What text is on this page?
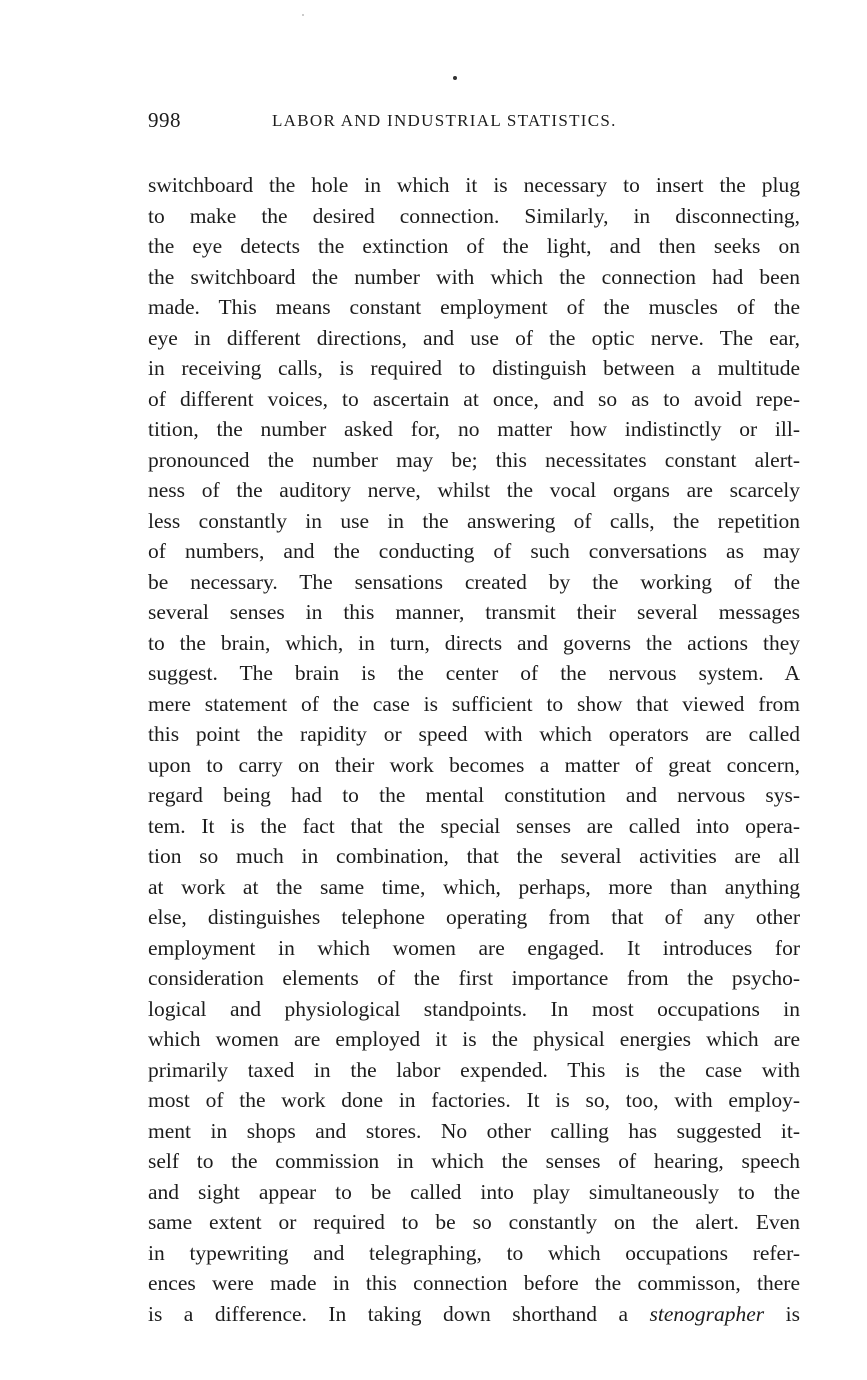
998	LABOR AND INDUSTRIAL STATISTICS.
switchboard the hole in which it is necessary to insert the plug
to make the desired connection. Similarly, in disconnecting,
the eye detects the extinction of the light, and then seeks on
the switchboard the number with which the connection had been
made. This means constant employment of the muscles of the
eye in different directions, and use of the optic nerve. The ear,
in receiving calls, is required to distinguish between a multitude
of different voices, to ascertain at once, and so as to avoid repe-
tition, the number asked for, no matter how indistinctly or ill-
pronounced the number may be; this necessitates constant alert-
ness of the auditory nerve, whilst the vocal organs are scarcely
less constantly in use in the answering of calls, the repetition
of numbers, and the conducting of such conversations as may
be necessary. The sensations created by the working of the
several senses in this manner, transmit their several messages
to the brain, which, in turn, directs and governs the actions they
suggest. The brain is the center of the nervous system. A
mere statement of the case is sufficient to show that viewed from
this point the rapidity or speed with which operators are called
upon to carry on their work becomes a matter of great concern,
regard being had to the mental constitution and nervous sys-
tem. It is the fact that the special senses are called into opera-
tion so much in combination, that the several activities are all
at work at the same time, which, perhaps, more than anything
else, distinguishes telephone operating from that of any other
employment in which women are engaged. It introduces for
consideration elements of the first importance from the psycho-
logical and physiological standpoints. In most occupations in
which women are employed it is the physical energies which are
primarily taxed in the labor expended. This is the case with
most of the work done in factories. It is so, too, with employ-
ment in shops and stores. No other calling has suggested it-
self to the commission in which the senses of hearing, speech
and sight appear to be called into play simultaneously to the
same extent or required to be so constantly on the alert. Even
in typewriting and telegraphing, to which occupations refer-
ences were made in this connection before the commisson, there
is a difference. In taking down shorthand a stenographer is
